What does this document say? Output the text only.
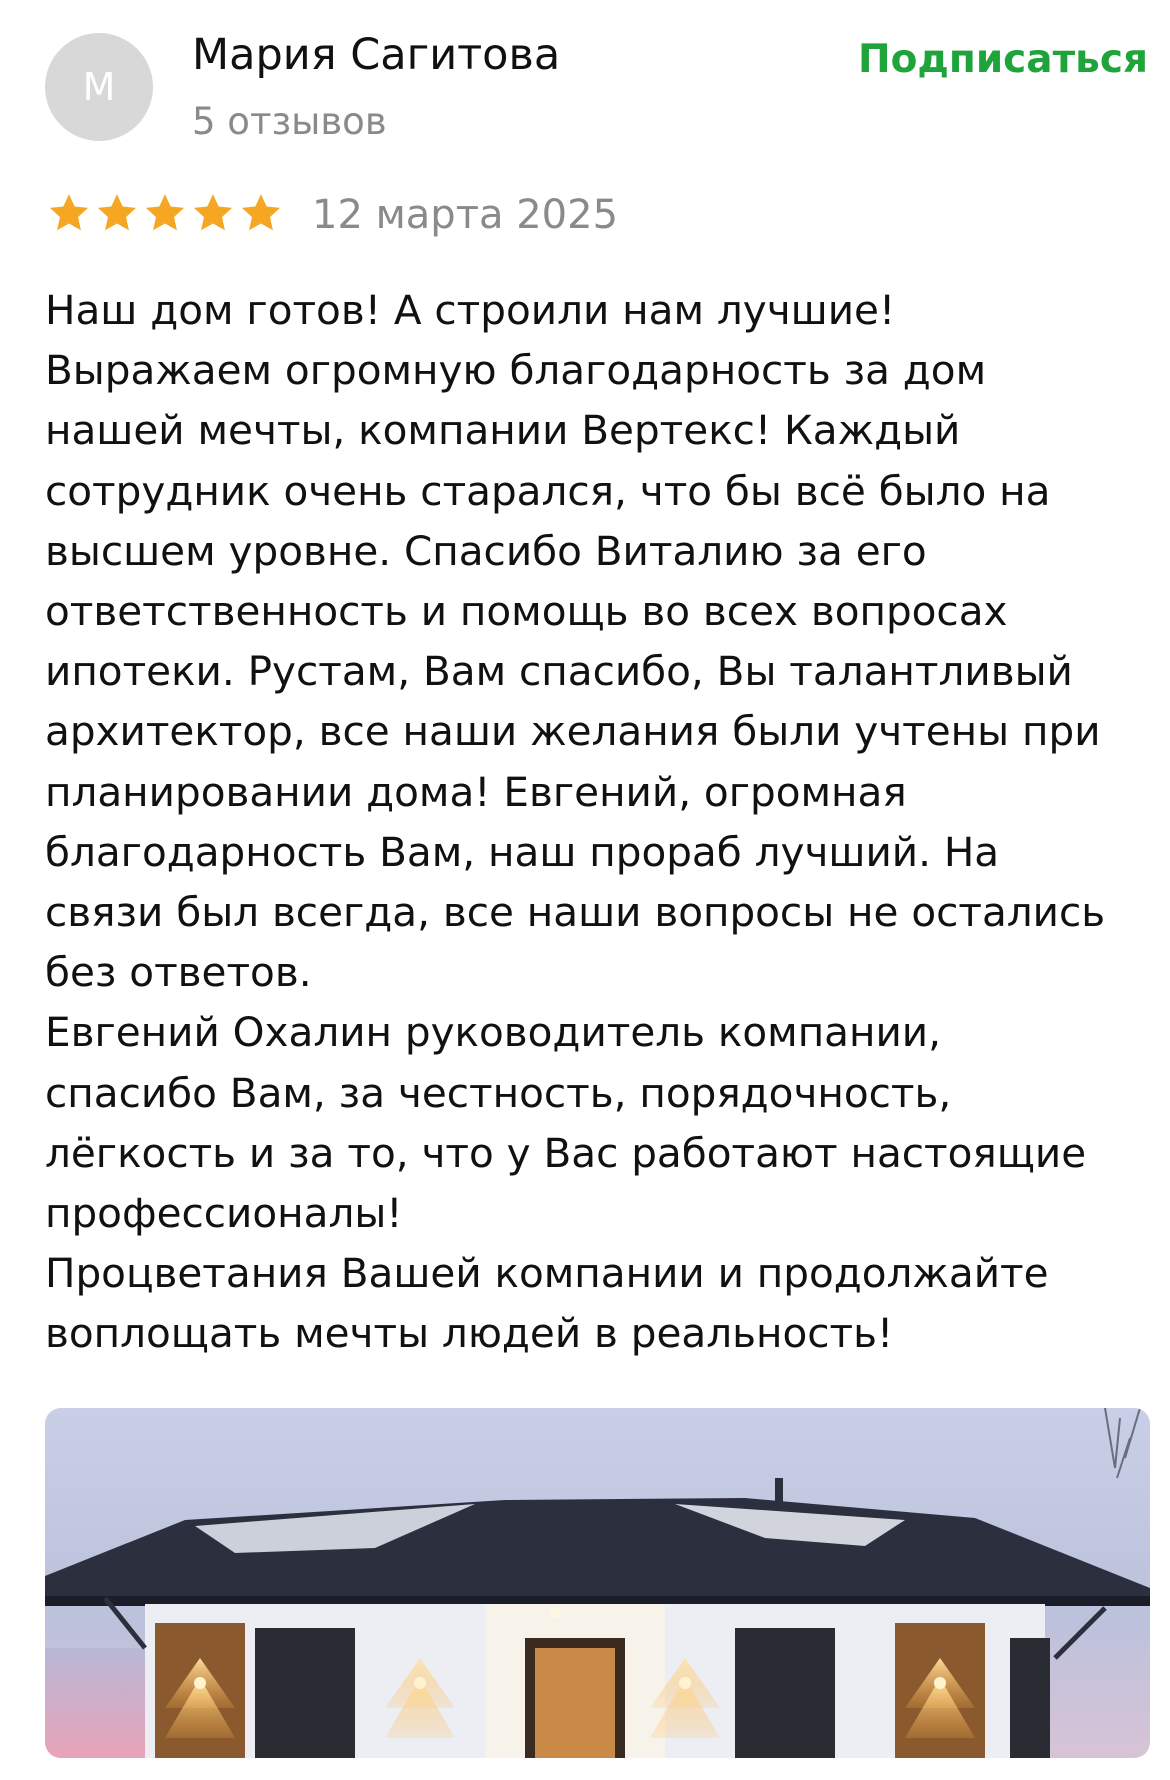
М
Мария Сагитова
5 отзывов
Подписаться
12 марта 2025

Наш дом готов! А строили нам лучшие!

Выражаем огромную благодарность за дом

нашей мечты, компании Вертекс! Каждый

сотрудник очень старался, что бы всё было на

высшем уровне. Спасибо Виталию за его

ответственность и помощь во всех вопросах

ипотеки. Рустам, Вам спасибо, Вы талантливый

архитектор, все наши желания были учтены при

планировании дома! Евгений, огромная

благодарность Вам, наш прораб лучший. На

связи был всегда, все наши вопросы не остались

без ответов.

Евгений Охалин руководитель компании,

спасибо Вам, за честность, порядочность,

лёгкость и за то, что у Вас работают настоящие

профессионалы!

Процветания Вашей компании и продолжайте

воплощать мечты людей в реальность!
